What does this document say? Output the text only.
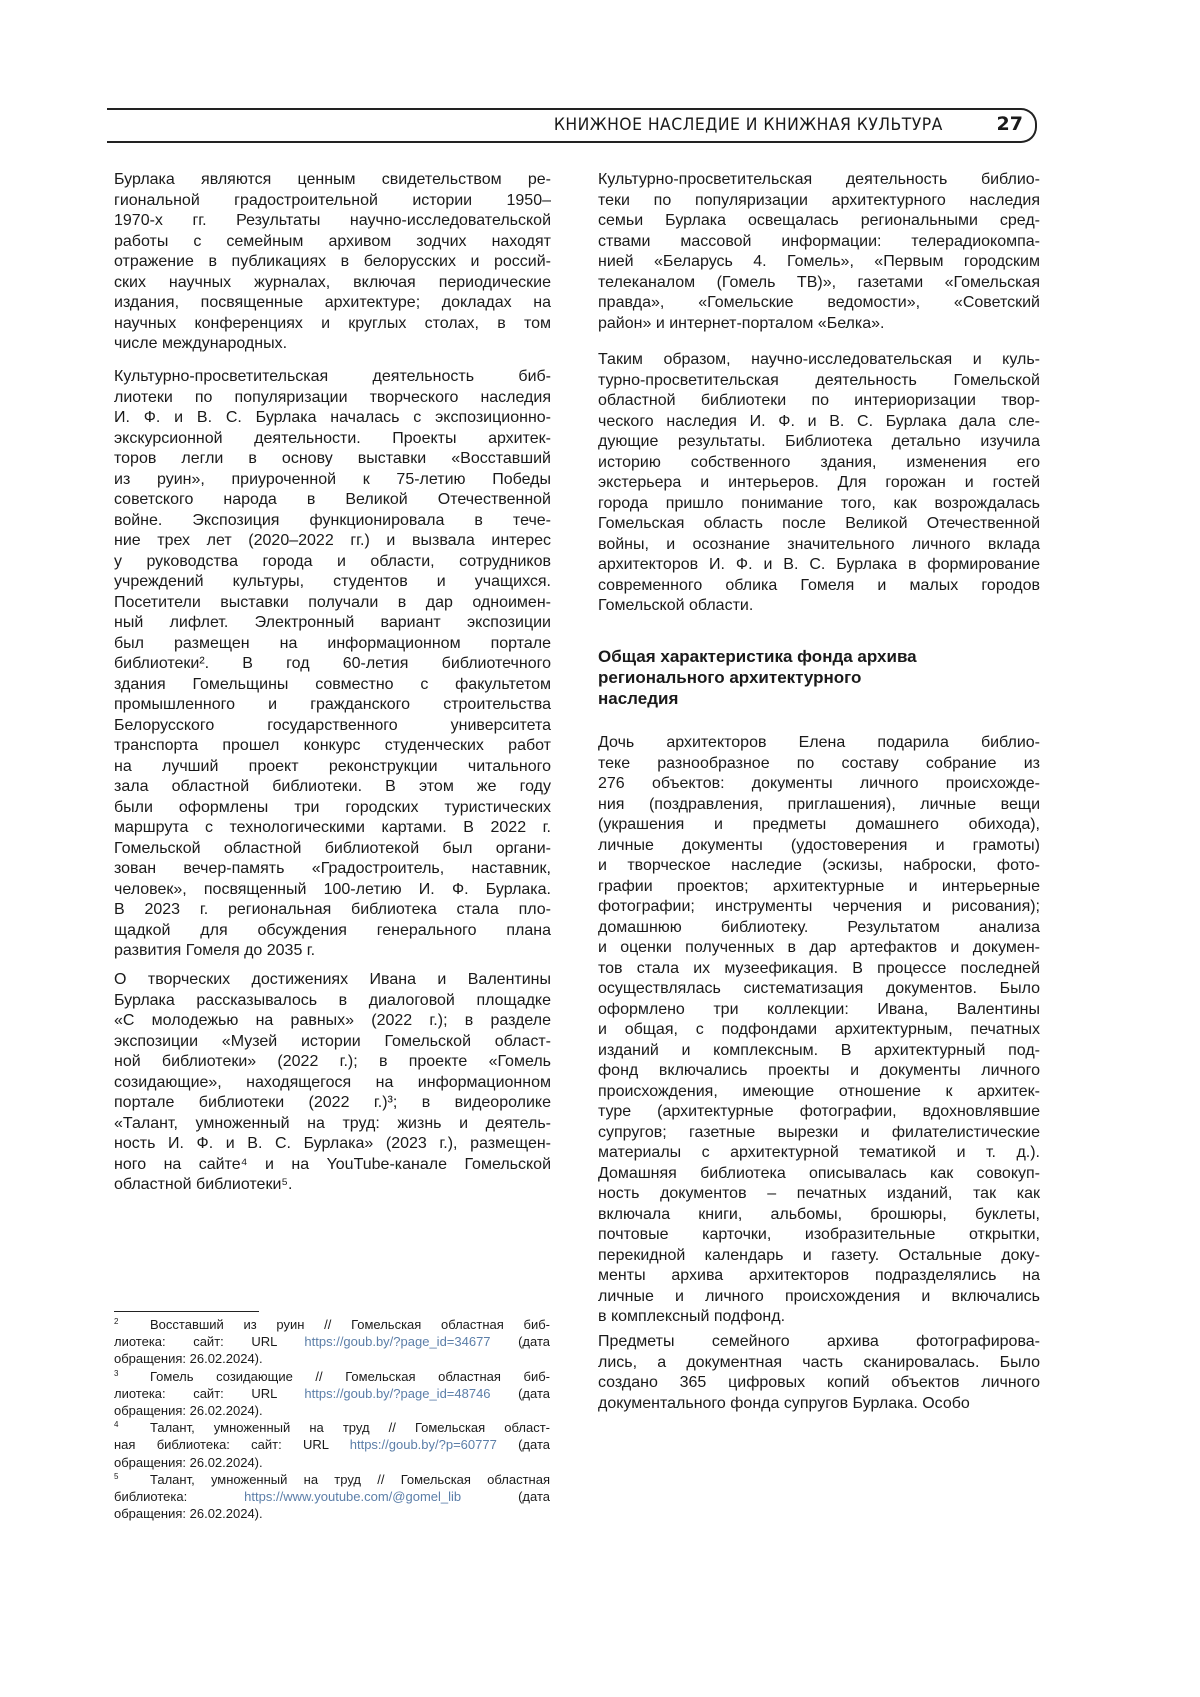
КНИЖНОЕ НАСЛЕДИЕ И КНИЖНАЯ КУЛЬТУРА	27
Бурлака являются ценным свидетельством ре-
гиональной градостроительной истории 1950–
1970-х гг. Результаты научно-исследовательской
работы с семейным архивом зодчих находят
отражение в публикациях в белорусских и россий-
ских научных журналах, включая периодические
издания, посвященные архитектуре; докладах на
научных конференциях и круглых столах, в том
числе международных.
Культурно-просветительская деятельность биб-
лиотеки по популяризации творческого наследия
И. Ф. и В. С. Бурлака началась с экспозиционно-
экскурсионной деятельности. Проекты архитек-
торов легли в основу выставки «Восставший
из руин», приуроченной к 75-летию Победы
советского народа в Великой Отечественной
войне. Экспозиция функционировала в тече-
ние трех лет (2020–2022 гг.) и вызвала интерес
у руководства города и области, сотрудников
учреждений культуры, студентов и учащихся.
Посетители выставки получали в дар одноимен-
ный лифлет. Электронный вариант экспозиции
был размещен на информационном портале
библиотеки². В год 60-летия библиотечного
здания Гомельщины совместно с факультетом
промышленного и гражданского строительства
Белорусского государственного университета
транспорта прошел конкурс студенческих работ
на лучший проект реконструкции читального
зала областной библиотеки. В этом же году
были оформлены три городских туристических
маршрута с технологическими картами. В 2022 г.
Гомельской областной библиотекой был органи-
зован вечер-память «Градостроитель, наставник,
человек», посвященный 100-летию И. Ф. Бурлака.
В 2023 г. региональная библиотека стала пло-
щадкой для обсуждения генерального плана
развития Гомеля до 2035 г.
О творческих достижениях Ивана и Валентины
Бурлака рассказывалось в диалоговой площадке
«С молодежью на равных» (2022 г.); в разделе
экспозиции «Музей истории Гомельской област-
ной библиотеки» (2022 г.); в проекте «Гомель
созидающие», находящегося на информационном
портале библиотеки (2022 г.)³; в видеоролике
«Талант, умноженный на труд: жизнь и деятель-
ность И. Ф. и В. С. Бурлака» (2023 г.), размещен-
ного на сайте⁴ и на YouTube-канале Гомельской
областной библиотеки⁵.
Культурно-просветительская деятельность библио-
теки по популяризации архитектурного наследия
семьи Бурлака освещалась региональными сред-
ствами массовой информации: телерадиокомпа-
нией «Беларусь 4. Гомель», «Первым городским
телеканалом (Гомель ТВ)», газетами «Гомельская
правда», «Гомельские ведомости», «Советский
район» и интернет-порталом «Белка».
Таким образом, научно-исследовательская и куль-
турно-просветительская деятельность Гомельской
областной библиотеки по интериоризации твор-
ческого наследия И. Ф. и В. С. Бурлака дала сле-
дующие результаты. Библиотека детально изучила
историю собственного здания, изменения его
экстерьера и интерьеров. Для горожан и гостей
города пришло понимание того, как возрождалась
Гомельская область после Великой Отечественной
войны, и осознание значительного личного вклада
архитекторов И. Ф. и В. С. Бурлака в формирование
современного облика Гомеля и малых городов
Гомельской области.
Дочь архитекторов Елена подарила библио-
теке разнообразное по составу собрание из
276 объектов: документы личного происхожде-
ния (поздравления, приглашения), личные вещи
(украшения и предметы домашнего обихода),
личные документы (удостоверения и грамоты)
и творческое наследие (эскизы, наброски, фото-
графии проектов; архитектурные и интерьерные
фотографии; инструменты черчения и рисования);
домашнюю библиотеку. Результатом анализа
и оценки полученных в дар артефактов и докумен-
тов стала их музеефикация. В процессе последней
осуществлялась систематизация документов. Было
оформлено три коллекции: Ивана, Валентины
и общая, с подфондами архитектурным, печатных
изданий и комплексным. В архитектурный под-
фонд включались проекты и документы личного
происхождения, имеющие отношение к архитек-
туре (архитектурные фотографии, вдохновлявшие
супругов; газетные вырезки и филателистические
материалы с архитектурной тематикой и т. д.).
Домашняя библиотека описывалась как совокуп-
ность документов – печатных изданий, так как
включала книги, альбомы, брошюры, буклеты,
почтовые карточки, изобразительные открытки,
перекидной календарь и газету. Остальные доку-
менты архива архитекторов подразделялись на
личные и личного происхождения и включались
в комплексный подфонд.
Предметы семейного архива фотографирова-
лись, а документная часть сканировалась. Было
создано 365 цифровых копий объектов личного
документального фонда супругов Бурлака. Особо
Общая характеристика фонда архива
регионального архитектурного
наследия
2 Восставший из руин // Гомельская областная биб-
лиотека: сайт: URL https://goub.by/?page_id=34677 (дата
обращения: 26.02.2024).
3 Гомель созидающие // Гомельская областная биб-
лиотека: сайт: URL https://goub.by/?page_id=48746 (дата
обращения: 26.02.2024).
4 Талант, умноженный на труд // Гомельская област-
ная библиотека: сайт: URL https://goub.by/?p=60777 (дата
обращения: 26.02.2024).
5 Талант, умноженный на труд // Гомельская областная
библиотека: https://www.youtube.com/@gomel_lib (дата
обращения: 26.02.2024).
